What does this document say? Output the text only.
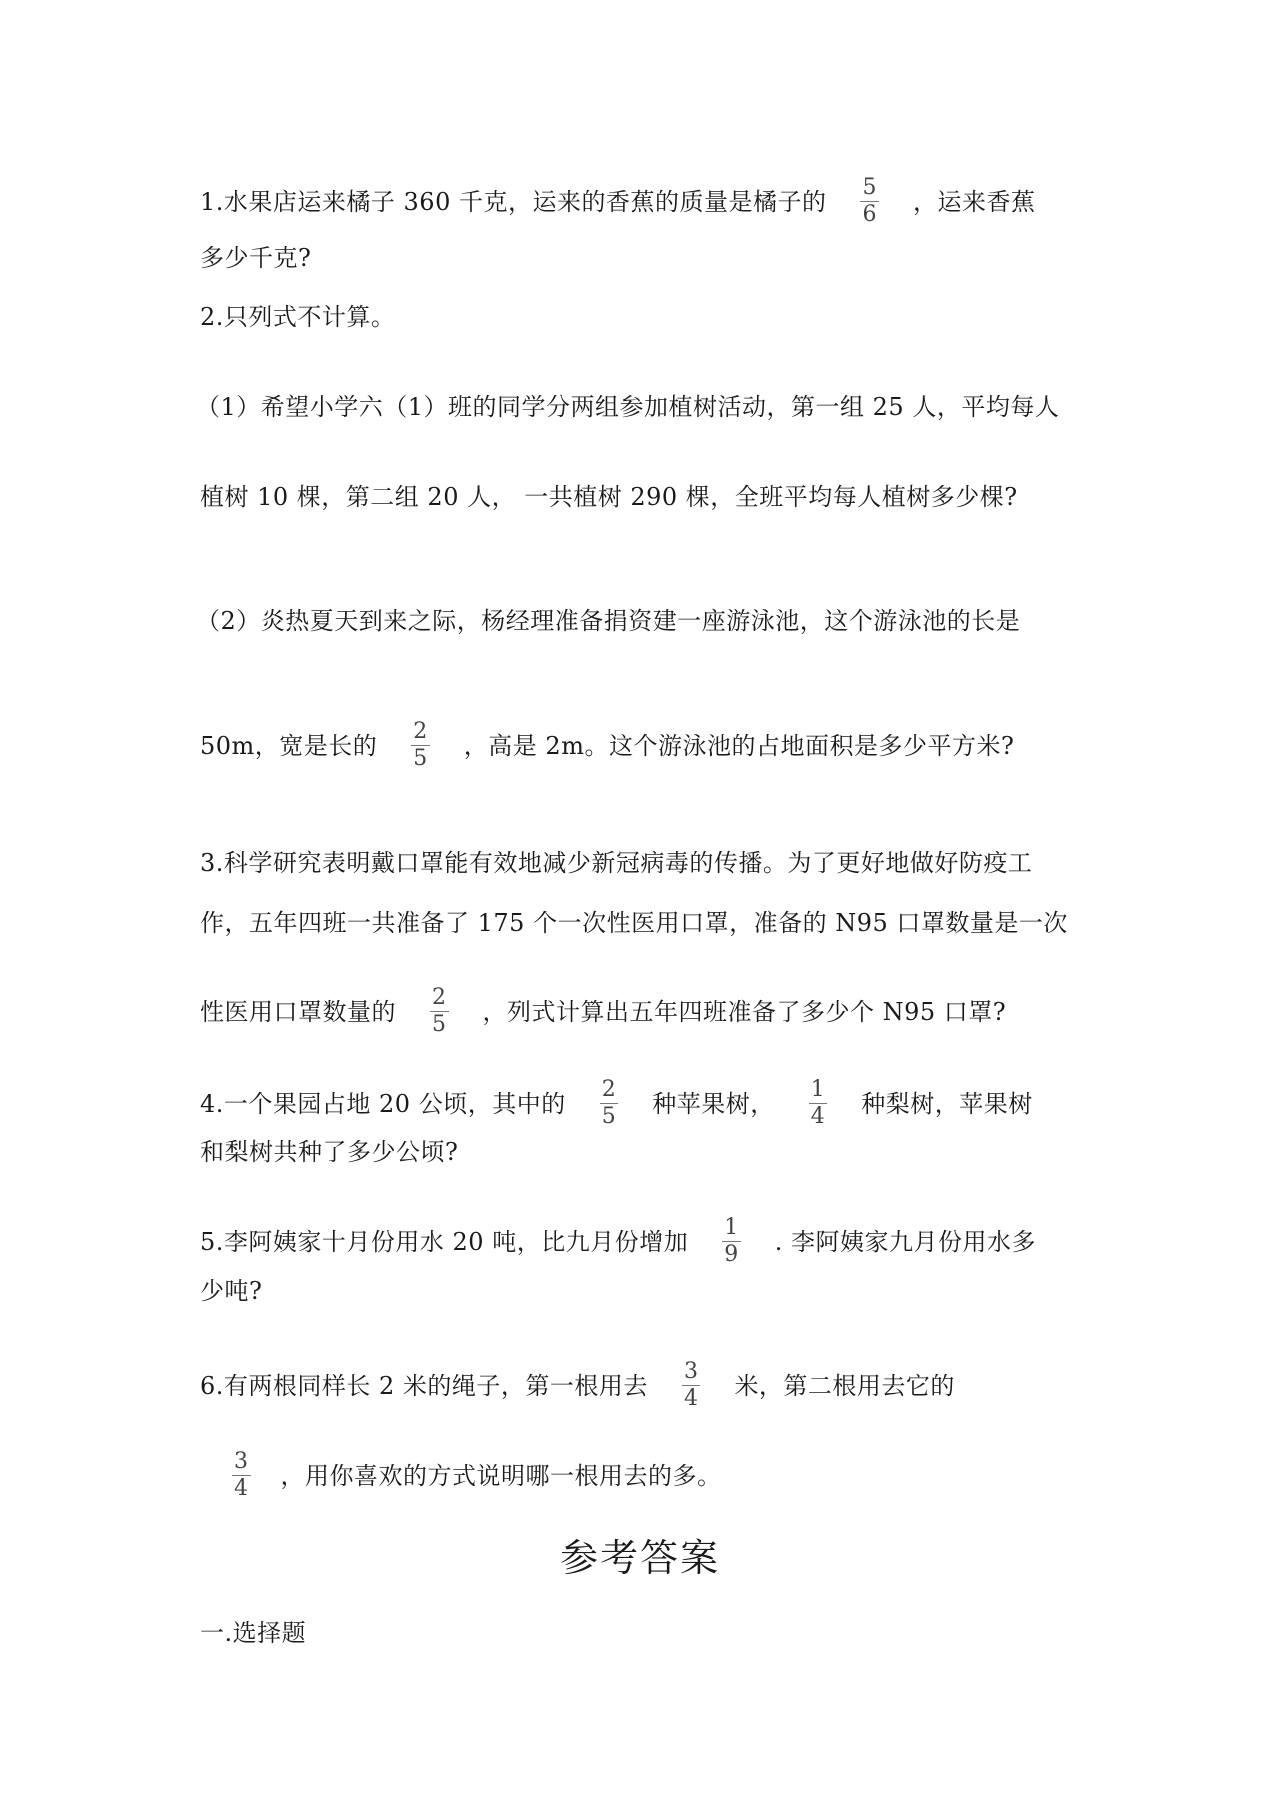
1.水果店运来橘子 360 千克，运来的香蕉的质量是橘子的 $\frac{5}{6}$ ，运来香蕉
多少千克?
2.只列式不计算。
（1）希望小学六（1）班的同学分两组参加植树活动，第一组 25 人，平均每人
植树 10 棵，第二组 20 人， 一共植树 290 棵，全班平均每人植树多少棵?
（2）炎热夏天到来之际，杨经理准备捐资建一座游泳池，这个游泳池的长是
50m，宽是长的 $\frac{2}{5}$ ，高是 2m。这个游泳池的占地面积是多少平方米?
3.科学研究表明戴口罩能有效地减少新冠病毒的传播。为了更好地做好防疫工
作，五年四班一共准备了 175 个一次性医用口罩，准备的 N95 口罩数量是一次
性医用口罩数量的 $\frac{2}{5}$ ，列式计算出五年四班准备了多少个 N95 口罩?
4.一个果园占地 20 公顷，其中的 $\frac{2}{5}$ 种苹果树， $\frac{1}{4}$ 种梨树，苹果树
和梨树共种了多少公顷?
5.李阿姨家十月份用水 20 吨，比九月份增加 $\frac{1}{9}$ . 李阿姨家九月份用水多
少吨?
6.有两根同样长 2 米的绳子，第一根用去 $\frac{3}{4}$ 米，第二根用去它的
$\frac{3}{4}$ ，用你喜欢的方式说明哪一根用去的多。
参考答案
一.选择题
